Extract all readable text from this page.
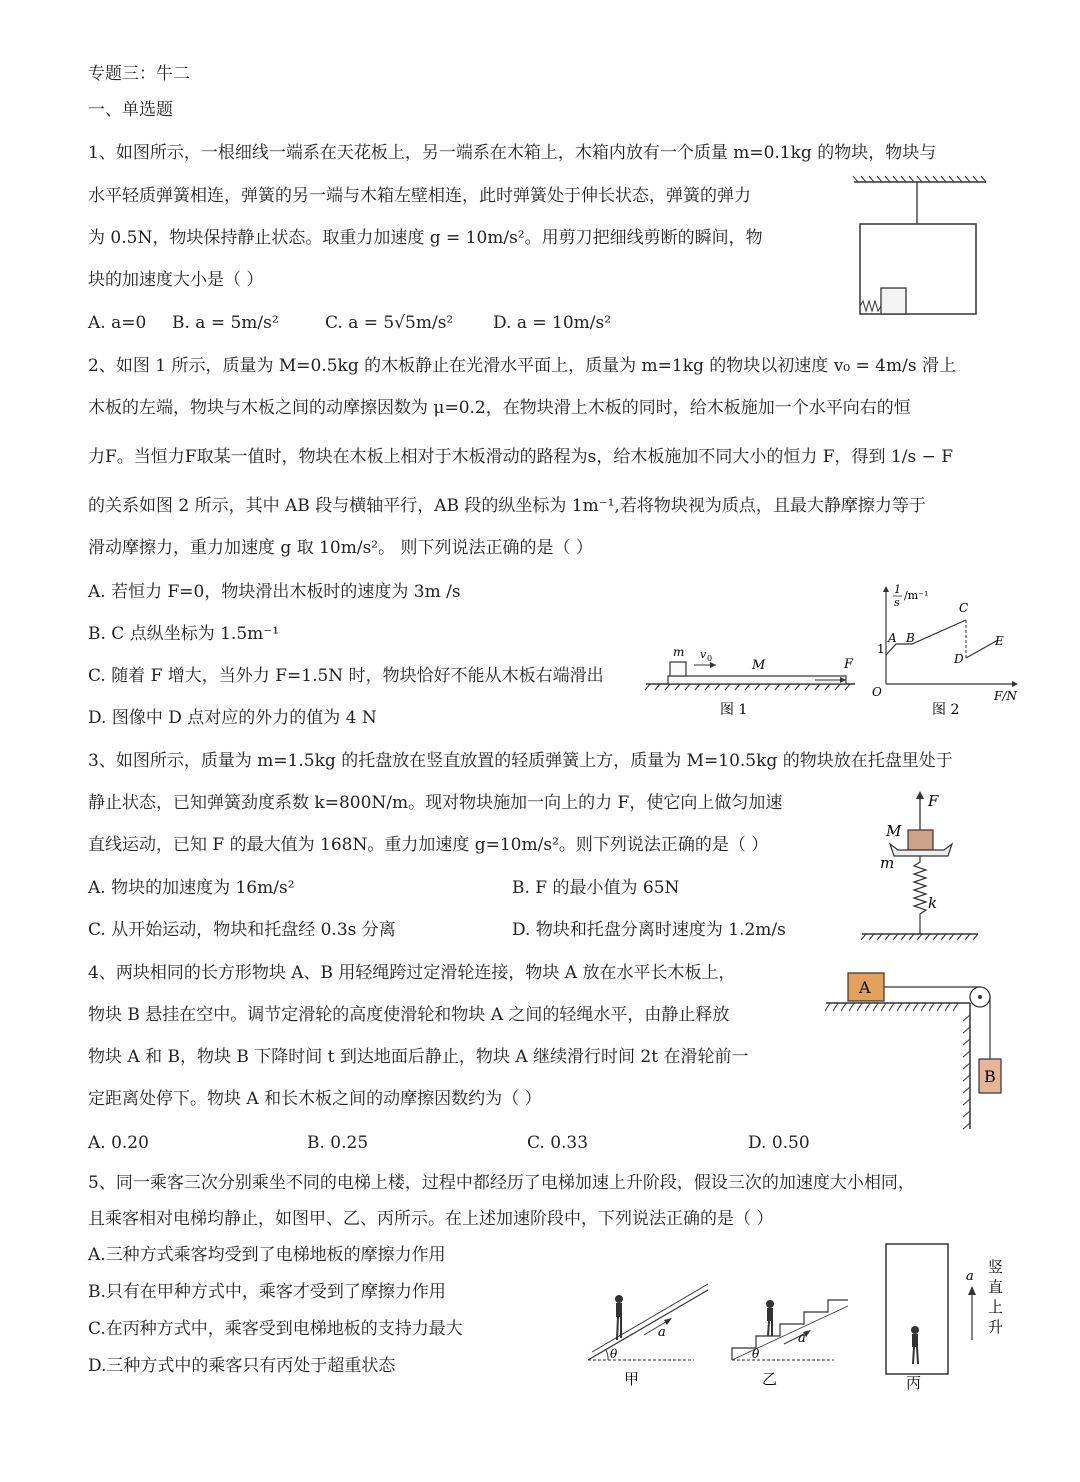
专题三：牛二
一、单选题
1、如图所示，一根细线一端系在天花板上，另一端系在木箱上，木箱内放有一个质量 m=0.1kg 的物块，物块与
水平轻质弹簧相连，弹簧的另一端与木箱左壁相连，此时弹簧处于伸长状态，弹簧的弹力
为 0.5N，物块保持静止状态。取重力加速度 g = 10m/s²。用剪刀把细线剪断的瞬间，物
块的加速度大小是（ ）
A. a=0 B. a = 5m/s²	C. a = 5√5m/s² D. a = 10m/s²
2、如图 1 所示，质量为 M=0.5kg 的木板静止在光滑水平面上，质量为 m=1kg 的物块以初速度 v₀ = 4m/s 滑上
木板的左端，物块与木板之间的动摩擦因数为 μ=0.2，在物块滑上木板的同时，给木板施加一个水平向右的恒
力F。当恒力F取某一值时，物块在木板上相对于木板滑动的路程为s，给木板施加不同大小的恒力 F，得到 1/s − F
的关系如图 2 所示，其中 AB 段与横轴平行，AB 段的纵坐标为 1m⁻¹,若将物块视为质点，且最大静摩擦力等于
滑动摩擦力，重力加速度 g 取 10m/s²。 则下列说法正确的是（ ）
A. 若恒力 F=0，物块滑出木板时的速度为 3m /s
B. C 点纵坐标为 1.5m⁻¹
C. 随着 F 增大，当外力 F=1.5N 时，物块恰好不能从木板右端滑出
D. 图像中 D 点对应的外力的值为 4 N
m v 0	M	F
图 1
1
s
/m⁻¹
1
A B
C
D
E
O	F/N
图 2
3、如图所示，质量为 m=1.5kg 的托盘放在竖直放置的轻质弹簧上方，质量为 M=10.5kg 的物块放在托盘里处于
静止状态，已知弹簧劲度系数 k=800N/m。现对物块施加一向上的力 F，使它向上做匀加速
直线运动，已知 F 的最大值为 168N。重力加速度 g=10m/s²。则下列说法正确的是（ ）
A. 物块的加速度为 16m/s²	B. F 的最小值为 65N
C. 从开始运动，物块和托盘经 0.3s 分离	D. 物块和托盘分离时速度为 1.2m/s
F
M
m
k
4、两块相同的长方形物块 A、B 用轻绳跨过定滑轮连接，物块 A 放在水平长木板上，
物块 B 悬挂在空中。调节定滑轮的高度使滑轮和物块 A 之间的轻绳水平，由静止释放
物块 A 和 B，物块 B 下降时间 t 到达地面后静止，物块 A 继续滑行时间 2t 在滑轮前一
定距离处停下。物块 A 和长木板之间的动摩擦因数约为（ ）
A. 0.20	B. 0.25	C. 0.33	D. 0.50
A
B
5、同一乘客三次分别乘坐不同的电梯上楼，过程中都经历了电梯加速上升阶段，假设三次的加速度大小相同，
且乘客相对电梯均静止，如图甲、乙、丙所示。在上述加速阶段中，下列说法正确的是（ ）
A.三种方式乘客均受到了电梯地板的摩擦力作用
B.只有在甲种方式中，乘客才受到了摩擦力作用
C.在丙种方式中，乘客受到电梯地板的支持力最大
D.三种方式中的乘客只有丙处于超重状态
a
θ
甲
a
θ
乙	丙
a
竖
直
上
升
